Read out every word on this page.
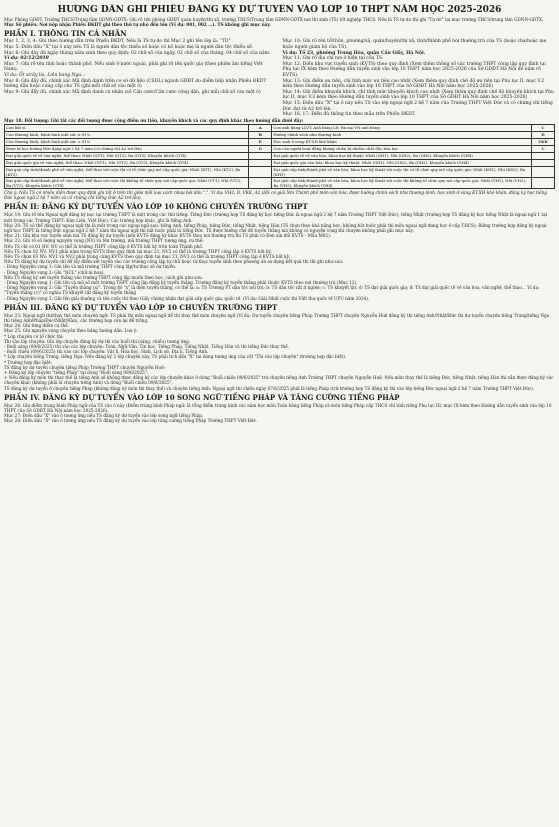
HƯỚNG DẪN GHI PHIẾU ĐĂNG KÝ DỰ TUYỂN VÀO LỚP 10 THPT NĂM HỌC 2025-2026

Mục Phòng GDĐT, Trường THCS/Trung tâm GDNN-GDTX: Ghi rõ tên phòng GDĐT quản huyện/thị xã, trường THCS/Trung tâm GDNN-GDTX nơi thí sinh (TS) tốt nghiệp THCS. Nếu là TS tự do thì ghi "Tự do" tại mục trường THCS/trung tâm GDNN-GDTX.

Mục Số phiếu: Nơi nộp nhận Phiếu ĐKDT ghi theo thứ tự nhỏ đến lớn (Ví dụ: 001, 002 ...). TS không ghi mục này.

PHẦN I. THÔNG TIN CÁ NHÂN

Mục 1, 2, 3, 4: Ghi theo hướng dẫn trên Phiếu ĐKDT. Nếu là TS tự do thì Mục 2 ghi tên lớp là: "TD"

Mục 5: Điền dấu "X" tại ô này nếu TS là người dân tộc thiểu số hoặc có bố hoặc mẹ là người dân tộc thiểu số.

Mục 6: Ghi dày đủ ngày tháng năm sinh theo quy định: 02 chữ số của ngày, 02 chữ số của tháng, 04 chữ số của năm.

Ví dụ: 02/12/2010

Mục 7: Ghi rõ tên tỉnh hoặc thành phố. Nếu sinh ở nước ngoài, phải ghi rõ tên quốc gia (theo phiên âm tiếng Việt Nam).

Ví dụ: Ốt xtrây lia, Liên bang Nga...

Mục 8: Ghi đầy đủ, chính xác Mã định danh trên cơ sở dữ liệu (CSDL) ngành GDĐT do điểm tiếp nhận Phiếu ĐKDT hướng dẫn hoặc cung cấp cho TS (ghi mỗi chữ số vào một ô)

Mục 9: Ghi đầy đủ, chính xác Mã định danh cá nhân (số Căn cước/Căn cước công dân, ghi mỗi chữ số vào một ô)

Mục 10: Ghi rõ tên tổ/thôn, phường/xã, quận/huyện/thị xã, tỉnh/thành phố nơi thường trú của TS (hoặc cha/hoặc mẹ hoặc người giám hộ của TS).

Ví dụ: Tổ 23, phường Trung Hòa, quận Cầu Giấy, Hà Nội.

Mục 11: Ghi rõ địa chỉ nơi ở hiện tại của TS.

Mục 12: Điền khu vực tuyển sinh (KVTS) theo quy định (Xem thêm thông số các trường THPT công lập quy định tại Phụ lục IX kèm theo Hướng dẫn tuyển sinh vào lớp 10 THPT năm học 2025-2026 của Sở GDĐT Hà Nội để nắm rõ KVTS).

Mục 13: Ghi điểm ưu tiên, chỉ tính mức ưu tiên cao nhất (Xem thêm quy định chế độ ưu tiên tại Phụ lục II, mục V.2 kèm theo Hướng dẫn tuyển sinh vào lớp 10 THPT của Sở GDĐT Hà Nội năm học 2025-2026)

Mục 14: Ghi điểm khuyến khích, chỉ tính mức khuyến khích cao nhất (Xem thêm quy định chế độ khuyến khích tại Phụ lục II, mục V.3 kèm theo Hướng dẫn tuyển sinh vào lớp 10 THPT của Sở GDĐT Hà Nội năm học 2025-2026)

Mục 15: Điền dấu "X" tại ô này nếu TS vào lớp ngoại ngữ 2 hệ 7 năm của Trường THPT Việt Đức và có chứng chỉ tiếng Đức đạt từ A2 trở lên.

Mục 16, 17: Điền đủ thông tin theo mẫu trên Phiếu ĐKDT.

Mục 18. Đối tượng: Ghi tắt các đối tượng được cộng điểm ưu tiên, khuyến khích và các quy định khác theo hướng dẫn dưới đây:

Con liệt sĩ	A	Con anh hùng LLVT, Anh hùng LĐ, Bà mẹ VN anh hùng	C
Con thương binh, bệnh binh mất sức ≥ 81%	B	Hướng chính sách như thương binh	D
Con thương binh, bệnh binh mất sức < 81%	E	Học sinh ở vùng KT-XH khó khăn	VKK
Được kí học hướng Đức dạng ngữ 2 hệ 7 năm (có chứng chỉ A2 trở lên)	G	Con của người hoạt động kháng chiến bị nhiễm chất độc hóa học	C
Đạt giải quốc tế về văn nghệ, thể thao: Nhất (QT1), Nhì (QT2), Ba (QT3), Khuyến khích (QT4)		Đạt giải quốc tế về văn hóa, khoa học kỹ thuật: Nhất (QH1), Nhì (QH2), Ba (QH3), Khuyến khích (QH4)	
Đạt giải quốc gia về văn nghệ, thể thao: Nhất (GT1), Nhì (GT2), Ba (GT3), Khuyến khích (GT4)		Đạt giải quốc gia văn hóa, khoa học kỹ thuật: Nhất (GH1), Nhì (GH2), Ba (GH3), Khuyến khích (GH4)	
Đạt giải cấp tỉnh/thành phố về văn nghệ, thể thao với cuộc thi có tổ chức quy mô cấp quốc gia: Nhất (KT1), Nhì (KT2), Ba (KT3)		Đạt giải cấp tỉnh/thành phố về văn hóa, khoa học kỹ thuật với cuộc thi có tổ chức quy mô cấp quốc gia: Nhất (KH1), Nhì (KH2), Ba (KH3)	
Đạt giải cấp tỉnh/thành phố về văn nghệ, thể thao với cuộc thi không tổ chức quy mô cấp quốc gia: Nhất (VT1), Nhì (VT2), Ba (VT3), Khuyến khích (VT4)		Đạt giải cấp tỉnh/thành phố về văn hóa, khoa học kỹ thuật với cuộc thi không tổ chức quy mô cấp quốc gia: Nhất (VH1), Nhì (VH2), Ba (VH3), Khuyến khích (VH4)	

Chú ý: Nếu TS có nhiều diện được quy định ghi tắt ở trên thì giữa mỗi loại cách nhau bởi dấu ",". Ví dụ: VH2, D, VKK, A2 (HS có giải Nhì Thành phố môn văn hóa, được hưởng chính sách như thương binh, học sinh ở vùng KT-XH khó khăn, đăng ký học tiếng Đức ngoại ngữ 2 hệ 7 năm và có chứng chỉ tiếng Đức A2 trở lên).

PHẦN II: ĐĂNG KÝ DỰ TUYỂN VÀO LỚP 10 KHÔNG CHUYÊN TRƯỜNG THPT

Mục 19: Ghi rõ tên Ngoại ngữ đăng ký học tại trường THPT là một trong các thứ tiếng: Tiếng Đức (trường hợp TS đăng ký học tiếng Đức là ngoại ngữ 2 hệ 7 năm Trường THPT Việt Đức), tiếng Nhật (trường hợp TS đăng ký học tiếng Nhật là ngoại ngữ 1 tại một trong các Trường THPT: Kim Liên, Việt Đức). Các trường hợp khác, ghi là tiếng Anh.

Mục 20: TS có thể đăng ký ngoại ngữ thi là một trong các ngoại ngữ sau: tiếng Anh, tiếng Pháp, tiếng Đức, tiếng Nhật, tiếng Hàn (TS chọn theo khả năng học, không bắt buộc phải thi môn ngoại ngữ đang học ở cấp THCS). Riêng trường hợp đăng ký ngoại ngữ học THPT là tiếng Đức ngoại ngữ 2 hệ 7 năm thì ngoại ngữ thi bắt buộc phải là tiếng Đức. TS được hướng chế độ tuyển thẳng mà không có nguyện vọng thi chuyên không phải ghi mục này.

Mục 21: Ghi khu vực tuyển sinh mà TS đăng ký dự tuyển (nếu KVTS đăng ký khác KVTS theo nơi thường trú thì TS phải có Đơn xin đổi KVTS - Mẫu M02).

Mục 22: Ghi rõ số lượng nguyện vọng (NV) và tên trường, mã trường THPT tương ứng, cụ thể:

Nếu TS chỉ có 01 NV: NV có thể là trường THPT công lập ở KVTS bất kỳ trên toàn Thành phố.

Nếu TS chọn 02 NV: NV1 phải nằm trong KVTS theo quy định tại mục 21, NV2 có thể là trường THPT công lập ở KVTS bất kỳ.

Nếu TS chọn 03 NV: NV1 và NV2 phải trong cùng KVTS theo quy định tại mục 21, NV3 có thể là trường THPT công lập ở KVTS bất kỳ.

Nếu TS đăng ký dự tuyển chỉ để lấy điểm xét tuyển vào các trường công lập tự chủ hoặc tư thục tuyển sinh theo phương án sơ dụng kết quả thi thì ghi như sau:

- Dòng Nguyện vọng 1: Ghi tên và mã trường THPT công lập/tư thục sẽ dự tuyển.

- Dòng Nguyện vọng 2: Ghi "NCL" (chữ in hoa).

Nếu TS đăng ký xét tuyển thẳng vào trường THPT công lập muốn theo học, cách ghi như sau:

- Dòng Nguyện vọng 1: Ghi tên và mã số một trường THPT công lập đăng ký tuyển thẳng. Trường đăng ký tuyển thẳng phải thuộc KVTS theo nơi thường trú (Mục 12).

- Dòng Nguyện vọng 2: Ghi "Tuyển thẳng (x)". Trong đó "x" là diện tuyển thẳng, có thể là: a: TS Trường PT dân tộc nội trú; b: TS dân tộc rất ít người; c: TS khuyết tật; d: TS đạt giải quốc gia; đ: TS đạt giải quốc tế về văn hóa, văn nghệ, thể thao... Ví dụ: "Tuyển thẳng (c)" có nghĩa TS khuyết tật đăng ký tuyển thẳng

- Dòng Nguyện vọng 3: Ghi tên giải thưởng và tên cuộc thi theo Giấy chứng nhận đạt giải cấp quốc gia, quốc tế. (Ví dụ: Giải Nhất cuộc thi Viết thư quốc tế UPU năm 2024).

PHẦN III. ĐĂNG KÝ DỰ TUYỂN VÀO LỚP 10 CHUYÊN TRƯỜNG THPT

Mục 23: Ngoại ngữ thi/thay thế môn chuyên ngữ: TS phải thi môn ngoại ngữ để thi thay thế môn chuyên ngữ (Ví dụ: Dự tuyển chuyên tiếng Pháp Trường THPT chuyên Nguyễn Huệ đăng ký thi tiếng Anh/Nhật/Đức thì dự tuyển chuyên tiếng Trung/tiếng Nga thi tiếng Anh/Pháp/Đức/Nhật/Hàn), các trường hợp còn lại để trống.

Mục 24: Ghi từng điểm cụ thể.

Mục 25: Ghi nguyện vọng chuyên theo bảng hướng dẫn. Lưu ý:

* Lớp chuyên có tổ chức thi:

Thi vào lớp chuyên: Ghi lớp chuyên đăng ký dự thi vào buổi thi (sáng, chiều) tương ứng.

- Buổi sáng (09/6/2025) thi vào các lớp chuyên: Toán, Ngữ Văn, Tin học, Tiếng Pháp, Tiếng Nhật, Tiếng Hàn và thi tiếng Đức thay thế.

- Buổi chiều (09/6/2025) thi vào các lớp chuyên: Vật lí, Hóa học, Sinh, Lịch sử, Địa lí, Tiếng Anh.

* Lớp chuyên tiếng Trung, tiếng Nga: Nếu đăng ký 2 lớp chuyên này, TS phải tích dấu "X" tại dòng tương ứng của cột "Thi vào lớp chuyên" (trường hợp đặc biệt).

* Trường hợp đặc biệt:

TS đăng ký dự tuyển chuyên tiếng Pháp Trường THPT chuyên Nguyễn Huệ:

+ Đăng ký lớp chuyên "tiếng Pháp" tại dòng "Buổi sáng 09/6/2025";

+ Nếu đăng ký môn thi thay thế là tiếng Anh sẽ không được đăng ký các lớp chuyên khác ở dòng "Buổi chiều 09/6/2025" trừ chuyên tiếng Anh Trường THPT chuyên Nguyễn Huệ. Nếu môn thay thế là tiếng Đức, tiếng Nhật, tiếng Hàn thì vẫn được đăng ký các chuyên khác (không phải là chuyên tiếng Anh) và dòng "Buổi chiều 09/6/2025".

TS đăng ký dự tuyển ở chuyên tiếng Pháp (không đăng ký môn thi thay thế) và chuyên tiếng Anh: Ngoại ngữ thi chiều ngày 07/6/2025 phải là tiếng Pháp (trừ trường hợp TS đăng ký thi vào lớp tiếng Đức ngoại ngữ 2 hệ 7 năm Trường THPT Việt Đức).

PHẦN IV. ĐĂNG KÝ DỰ TUYỂN VÀO LỚP 10 SONG NGỮ TIẾNG PHÁP VÀ TĂNG CƯỜNG TIẾNG PHÁP

Mục 26: Ghi điểm trung bình Pháp ngữ của TS vào ô này (Điểm trung bình Pháp ngữ: là tổng điểm trung bình các năm học môn Toán bằng tiếng Pháp và môn tiếng Pháp cấp THCS chỉ tính riêng Phụ lục III, mục III kèm theo Hướng dẫn tuyển sinh vào lớp 10 THPT của Sở GDĐT Hà Nội năm học 2025-2026).

Mục 27: Điền dấu "X" vào ô tương ứng nếu TS đăng ký dự tuyển vào lớp song ngữ tiếng Pháp.

Mục 28: Điền dấu "X" vào ô tương ứng nếu TS đăng ký dự tuyển vào lớp tăng cường tiếng Pháp Trường THPT Việt Đức.
